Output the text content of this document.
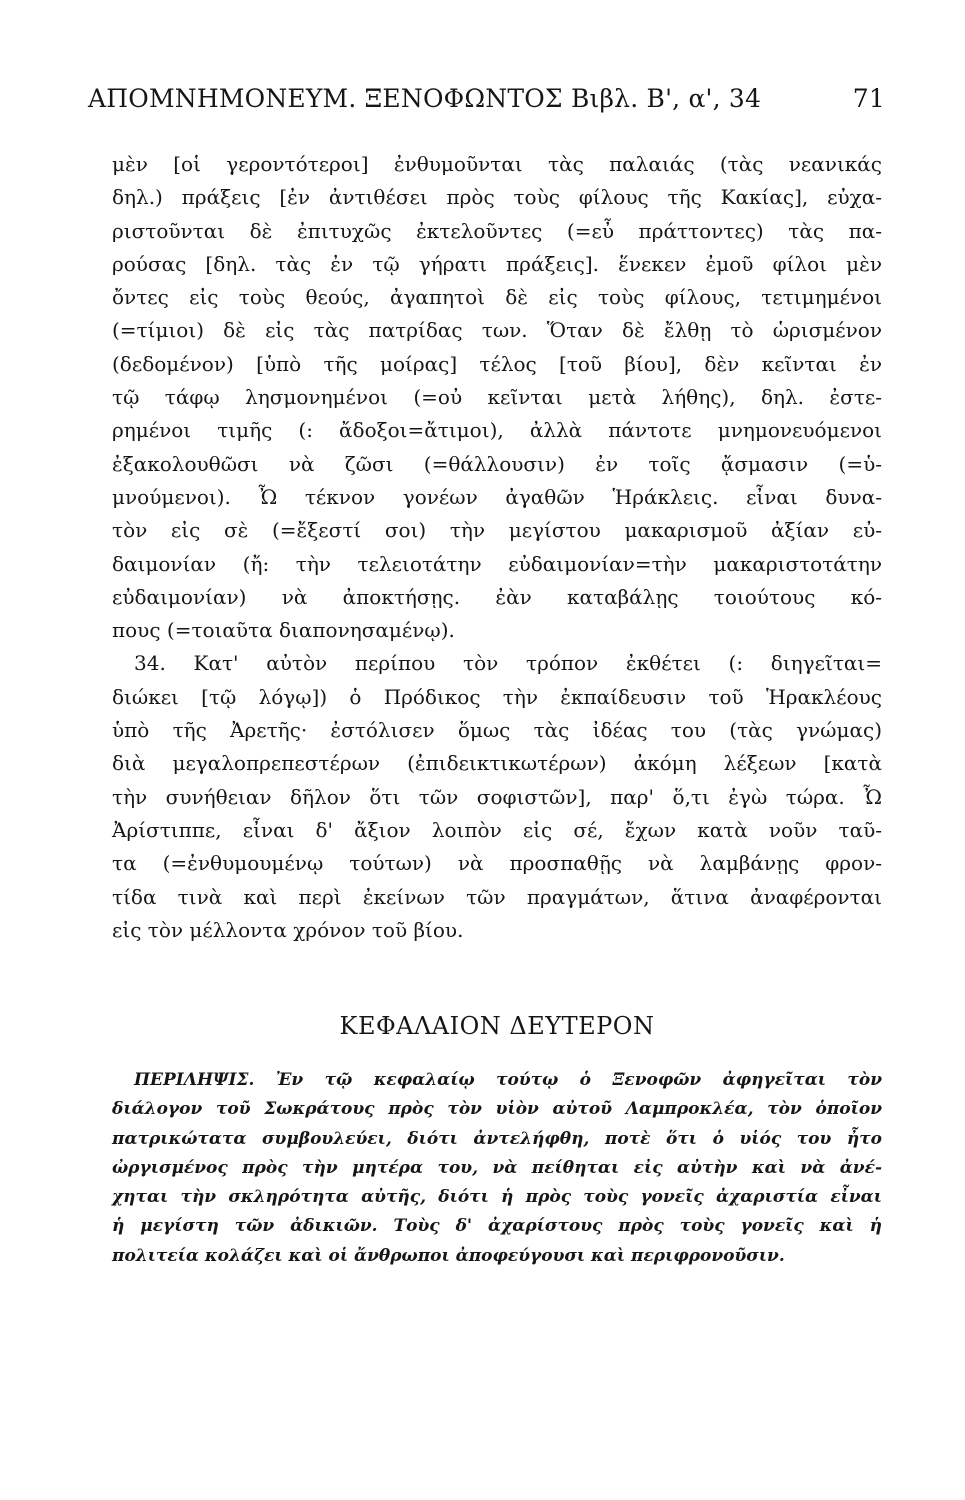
ΑΠΟΜΝΗΜΟΝΕΥΜ. ΞΕΝΟΦΩΝΤΟΣ Βιβλ. Β', α', 34	71
μὲν [οἱ γεροντότεροι] ἐνθυμοῦνται τὰς παλαιάς (τὰς νεανικάς
δηλ.) πράξεις [ἐν ἀντιθέσει πρὸς τοὺς φίλους τῆς Κακίας], εὐχα-
ριστοῦνται δὲ ἐπιτυχῶς ἐκτελοῦντες (=εὖ πράττοντες) τὰς πα-
ρούσας [δηλ. τὰς ἐν τῷ γήρατι πράξεις]. ἕνεκεν ἐμοῦ φίλοι μὲν
ὄντες εἰς τοὺς θεούς, ἀγαπητοὶ δὲ εἰς τοὺς φίλους, τετιμημένοι
(=τίμιοι) δὲ εἰς τὰς πατρίδας των. Ὅταν δὲ ἔλθῃ τὸ ὡρισμένον
(δεδομένον) [ὑπὸ τῆς μοίρας] τέλος [τοῦ βίου], δὲν κεῖνται ἐν
τῷ τάφῳ λησμονημένοι (=οὐ κεῖνται μετὰ λήθης), δηλ. ἐστε-
ρημένοι τιμῆς (: ἄδοξοι=ἄτιμοι), ἀλλὰ πάντοτε μνημονευόμενοι
ἐξακολουθῶσι νὰ ζῶσι (=θάλλουσιν) ἐν τοῖς ᾄσμασιν (=ὑ-
μνούμενοι). Ὦ τέκνον γονέων ἀγαθῶν Ἡράκλεις. εἶναι δυνα-
τὸν εἰς σὲ (=ἔξεστί σοι) τὴν μεγίστου μακαρισμοῦ ἀξίαν εὐ-
δαιμονίαν (ἤ: τὴν τελειοτάτην εὐδαιμονίαν=τὴν μακαριστοτάτην
εὐδαιμονίαν) νὰ ἀποκτήσῃς. ἐὰν καταβάλῃς τοιούτους κό-
πους (=τοιαῦτα διαπονησαμένῳ).
34. Κατ' αὐτὸν περίπου τὸν τρόπον ἐκθέτει (: διηγεῖται=
διώκει [τῷ λόγῳ]) ὁ Πρόδικος τὴν ἐκπαίδευσιν τοῦ Ἡρακλέους
ὑπὸ τῆς Ἀρετῆς· ἐστόλισεν ὅμως τὰς ἰδέας του (τὰς γνώμας)
διὰ μεγαλοπρεπεστέρων (ἐπιδεικτικωτέρων) ἀκόμη λέξεων [κατὰ
τὴν συνήθειαν δῆλον ὅτι τῶν σοφιστῶν], παρ' ὅ,τι ἐγὼ τώρα. Ὦ
Ἀρίστιππε, εἶναι δ' ἄξιον λοιπὸν εἰς σέ, ἔχων κατὰ νοῦν ταῦ-
τα (=ἐνθυμουμένῳ τούτων) νὰ προσπαθῇς νὰ λαμβάνῃς φρον-
τίδα τινὰ καὶ περὶ ἐκείνων τῶν πραγμάτων, ἅτινα ἀναφέρονται
εἰς τὸν μέλλοντα χρόνον τοῦ βίου.
ΚΕΦΑΛΑΙΟΝ ΔΕΥΤΕΡΟΝ
ΠΕΡΙΛΗΨΙΣ. Ἐν τῷ κεφαλαίῳ τούτῳ ὁ Ξενοφῶν ἀφηγεῖται τὸν
διάλογον τοῦ Σωκράτους πρὸς τὸν υἱὸν αὐτοῦ Λαμπροκλέα, τὸν ὁποῖον
πατρικώτατα συμβουλεύει, διότι ἀντελήφθη, ποτὲ ὅτι ὁ υἱός του ἦτο
ὠργισμένος πρὸς τὴν μητέρα του, νὰ πείθηται εἰς αὐτὴν καὶ νὰ ἀνέ-
χηται τὴν σκληρότητα αὐτῆς, διότι ἡ πρὸς τοὺς γονεῖς ἀχαριστία εἶναι
ἡ μεγίστη τῶν ἀδικιῶν. Τοὺς δ' ἀχαρίστους πρὸς τοὺς γονεῖς καὶ ἡ
πολιτεία κολάζει καὶ οἱ ἄνθρωποι ἀποφεύγουσι καὶ περιφρονοῦσιν.
